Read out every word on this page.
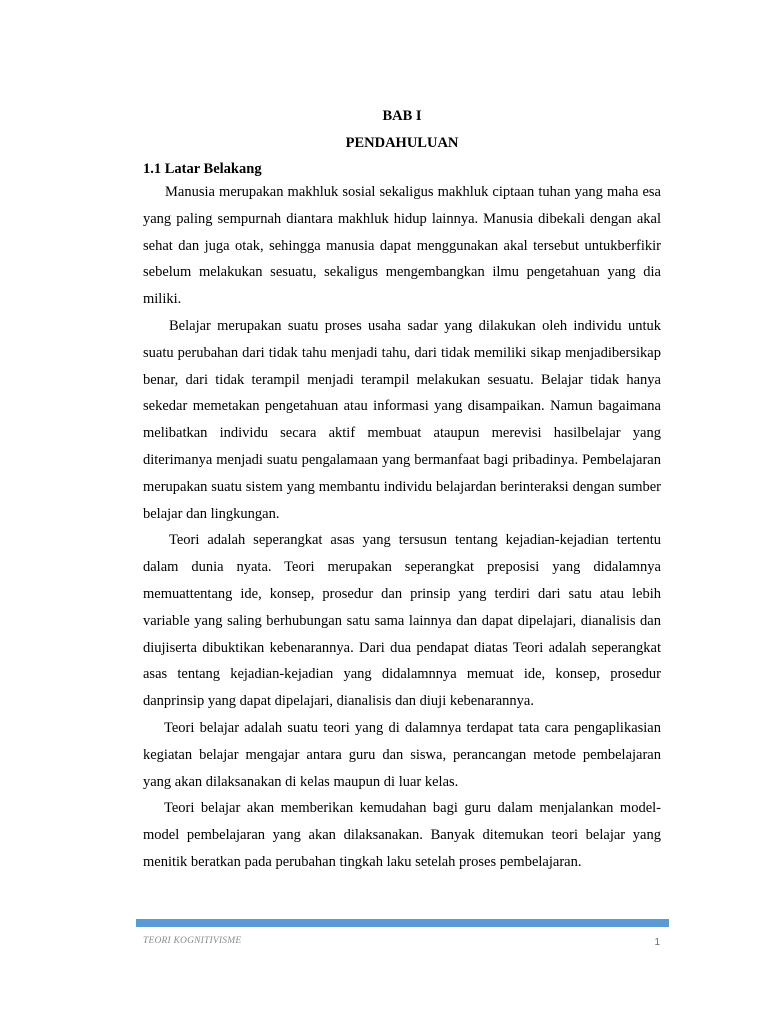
BAB I

PENDAHULUAN

1.1 Latar Belakang

Manusia merupakan makhluk sosial sekaligus makhluk ciptaan tuhan yang maha esa yang paling sempurnah diantara makhluk hidup lainnya. Manusia dibekali dengan akal sehat dan juga otak, sehingga manusia dapat menggunakan akal tersebut untukberfikir sebelum melakukan sesuatu, sekaligus mengembangkan ilmu pengetahuan yang dia miliki.

Belajar merupakan suatu proses usaha sadar yang dilakukan oleh individu untuk suatu perubahan dari tidak tahu menjadi tahu, dari tidak memiliki sikap menjadibersikap benar, dari tidak terampil menjadi terampil melakukan sesuatu. Belajar tidak hanya sekedar memetakan pengetahuan atau informasi yang disampaikan. Namun bagaimana melibatkan individu secara aktif membuat ataupun merevisi hasilbelajar yang diterimanya menjadi suatu pengalamaan yang bermanfaat bagi pribadinya. Pembelajaran merupakan suatu sistem yang membantu individu belajardan berinteraksi dengan sumber belajar dan lingkungan.

Teori adalah seperangkat asas yang tersusun tentang kejadian-kejadian tertentu dalam dunia nyata. Teori merupakan seperangkat preposisi yang didalamnya memuattentang ide, konsep, prosedur dan prinsip yang terdiri dari satu atau lebih variable yang saling berhubungan satu sama lainnya dan dapat dipelajari, dianalisis dan diujiserta dibuktikan kebenarannya. Dari dua pendapat diatas Teori adalah seperangkat asas tentang kejadian-kejadian yang didalamnnya memuat ide, konsep, prosedur danprinsip yang dapat dipelajari, dianalisis dan diuji kebenarannya.

Teori belajar adalah suatu teori yang di dalamnya terdapat tata cara pengaplikasian kegiatan belajar mengajar antara guru dan siswa, perancangan metode pembelajaran yang akan dilaksanakan di kelas maupun di luar kelas.

Teori belajar akan memberikan kemudahan bagi guru dalam menjalankan model-model pembelajaran yang akan dilaksanakan. Banyak ditemukan teori belajar yang menitik beratkan pada perubahan tingkah laku setelah proses pembelajaran.

TEORI KOGNITIVISME	1
